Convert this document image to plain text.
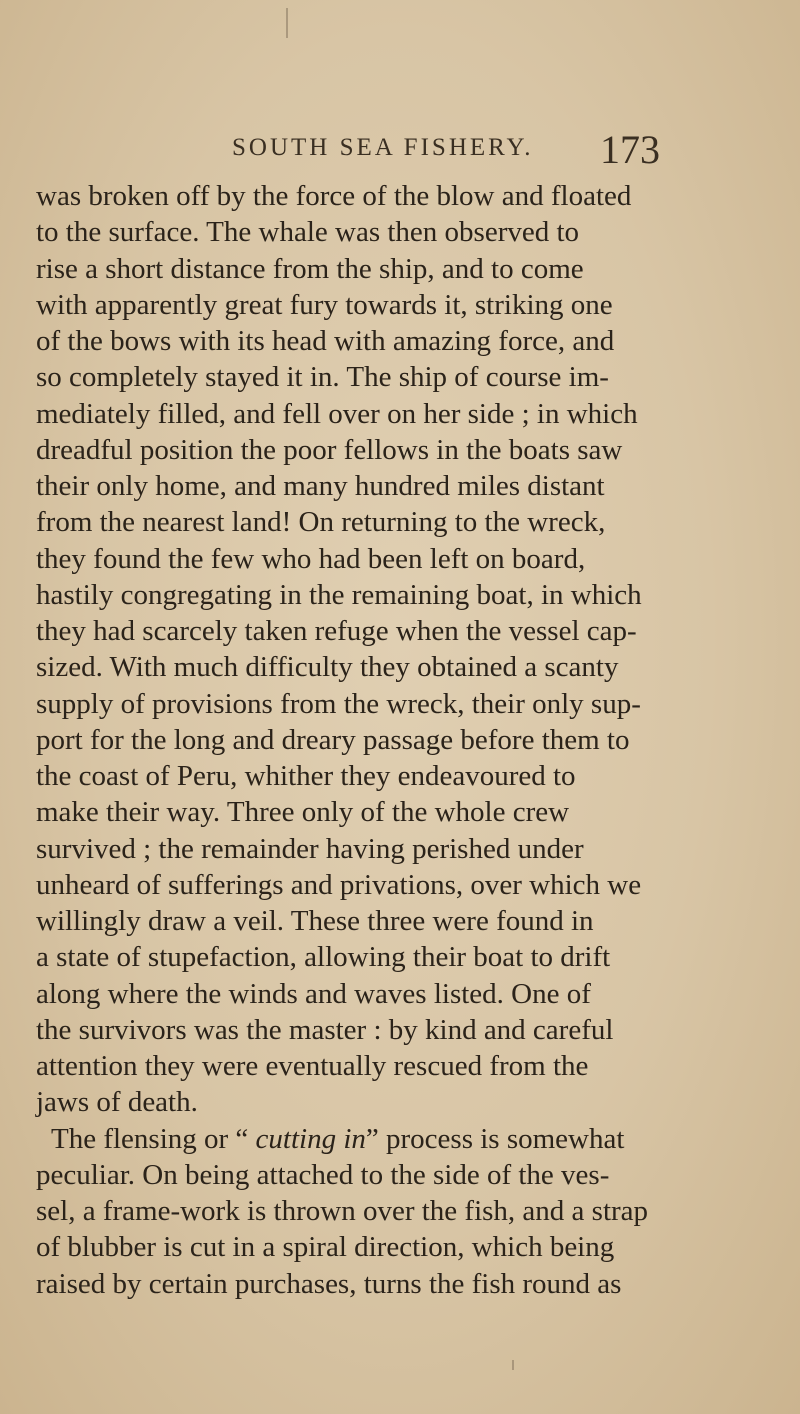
SOUTH SEA FISHERY. 173
was broken off by the force of the blow and floated
to the surface. The whale was then observed to
rise a short distance from the ship, and to come
with apparently great fury towards it, striking one
of the bows with its head with amazing force, and
so completely stayed it in. The ship of course im-
mediately filled, and fell over on her side ; in which
dreadful position the poor fellows in the boats saw
their only home, and many hundred miles distant
from the nearest land! On returning to the wreck,
they found the few who had been left on board,
hastily congregating in the remaining boat, in which
they had scarcely taken refuge when the vessel cap-
sized. With much difficulty they obtained a scanty
supply of provisions from the wreck, their only sup-
port for the long and dreary passage before them to
the coast of Peru, whither they endeavoured to
make their way. Three only of the whole crew
survived ; the remainder having perished under
unheard of sufferings and privations, over which we
willingly draw a veil. These three were found in
a state of stupefaction, allowing their boat to drift
along where the winds and waves listed. One of
the survivors was the master : by kind and careful
attention they were eventually rescued from the
jaws of death.
The flensing or “ cutting in” process is somewhat
peculiar. On being attached to the side of the ves-
sel, a frame-work is thrown over the fish, and a strap
of blubber is cut in a spiral direction, which being
raised by certain purchases, turns the fish round as
